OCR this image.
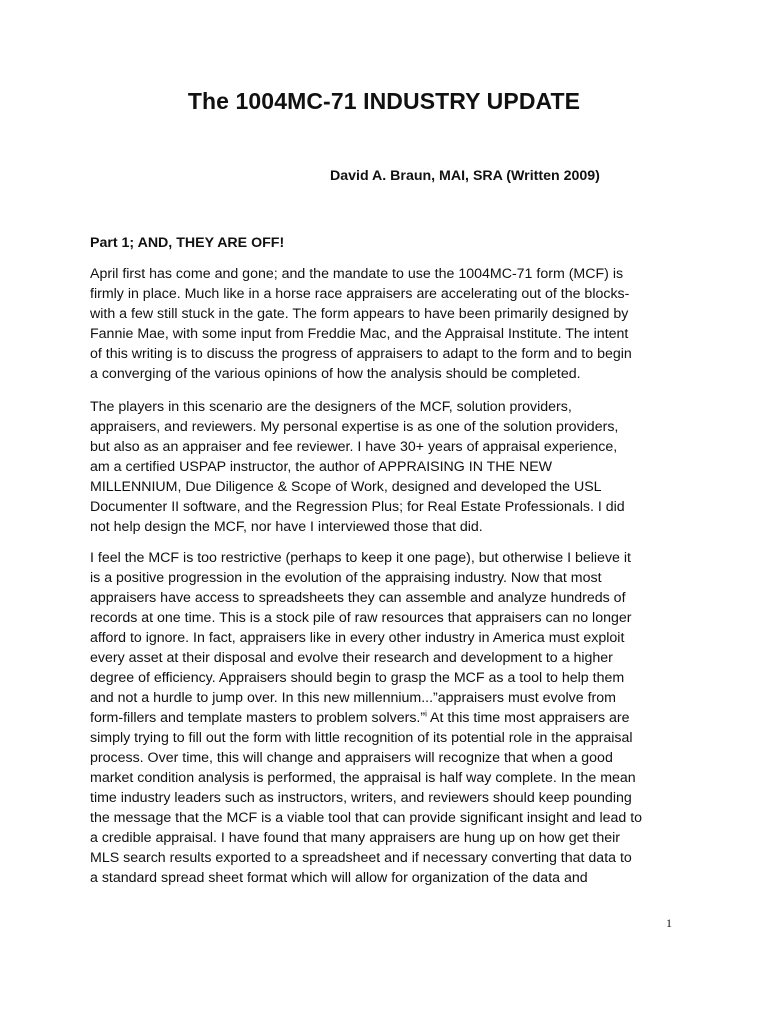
The 1004MC-71 INDUSTRY UPDATE
David A. Braun, MAI, SRA (Written 2009)
Part 1; AND, THEY ARE OFF!
April first has come and gone; and the mandate to use the 1004MC-71 form (MCF) is
firmly in place. Much like in a horse race appraisers are accelerating out of the blocks-
with a few still stuck in the gate. The form appears to have been primarily designed by
Fannie Mae, with some input from Freddie Mac, and the Appraisal Institute. The intent
of this writing is to discuss the progress of appraisers to adapt to the form and to begin
a converging of the various opinions of how the analysis should be completed.
The players in this scenario are the designers of the MCF, solution providers,
appraisers, and reviewers. My personal expertise is as one of the solution providers,
but also as an appraiser and fee reviewer. I have 30+ years of appraisal experience,
am a certified USPAP instructor, the author of APPRAISING IN THE NEW
MILLENNIUM, Due Diligence & Scope of Work, designed and developed the USL
Documenter II software, and the Regression Plus; for Real Estate Professionals. I did
not help design the MCF, nor have I interviewed those that did.
I feel the MCF is too restrictive (perhaps to keep it one page), but otherwise I believe it
is a positive progression in the evolution of the appraising industry. Now that most
appraisers have access to spreadsheets they can assemble and analyze hundreds of
records at one time. This is a stock pile of raw resources that appraisers can no longer
afford to ignore. In fact, appraisers like in every other industry in America must exploit
every asset at their disposal and evolve their research and development to a higher
degree of efficiency. Appraisers should begin to grasp the MCF as a tool to help them
and not a hurdle to jump over. In this new millennium...”appraisers must evolve from
form-fillers and template masters to problem solvers.”$^i$ At this time most appraisers are
simply trying to fill out the form with little recognition of its potential role in the appraisal
process. Over time, this will change and appraisers will recognize that when a good
market condition analysis is performed, the appraisal is half way complete. In the mean
time industry leaders such as instructors, writers, and reviewers should keep pounding
the message that the MCF is a viable tool that can provide significant insight and lead to
a credible appraisal. I have found that many appraisers are hung up on how get their
MLS search results exported to a spreadsheet and if necessary converting that data to
a standard spread sheet format which will allow for organization of the data and
1
